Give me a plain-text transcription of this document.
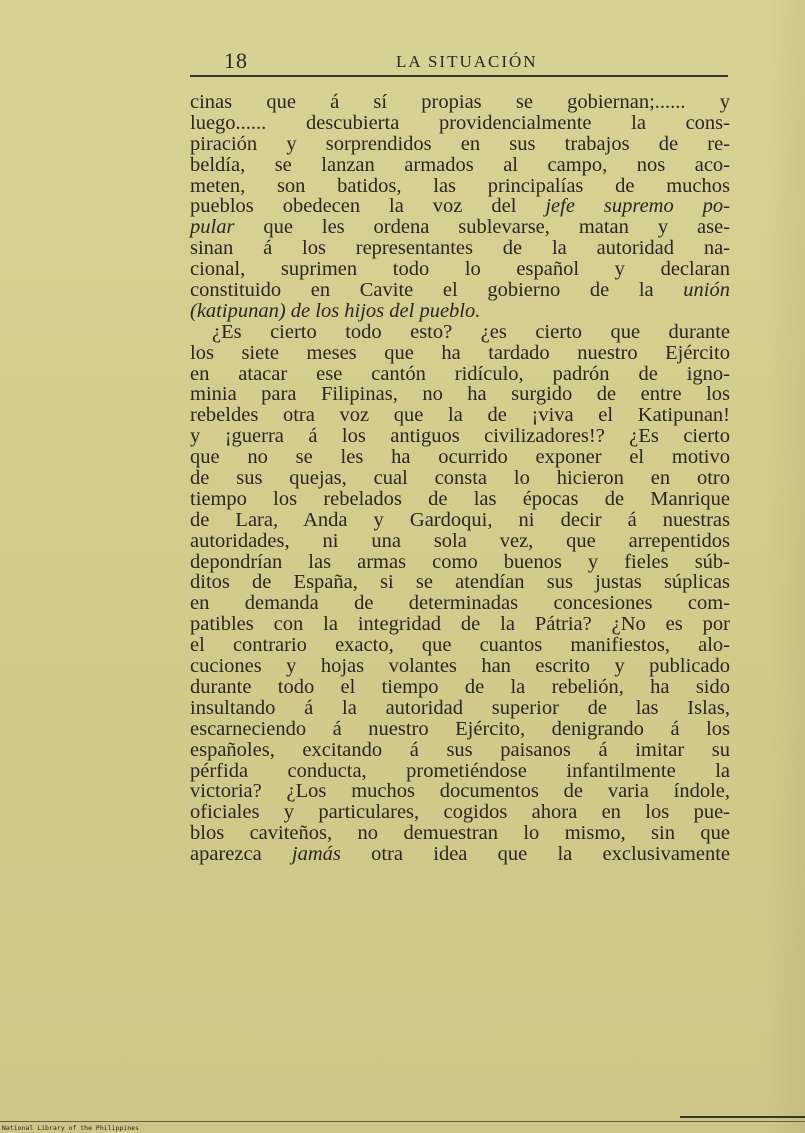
18	LA SITUACIÓN
cinas que á sí propias se gobiernan;...... y
luego...... descubierta providencialmente la cons-
piración y sorprendidos en sus trabajos de re-
beldía, se lanzan armados al campo, nos aco-
meten, son batidos, las principalías de muchos
pueblos obedecen la voz del jefe supremo po-
pular que les ordena sublevarse, matan y ase-
sinan á los representantes de la autoridad na-
cional, suprimen todo lo español y declaran
constituido en Cavite el gobierno de la unión
(katipunan) de los hijos del pueblo.
¿Es cierto todo esto? ¿es cierto que durante
los siete meses que ha tardado nuestro Ejército
en atacar ese cantón ridículo, padrón de igno-
minia para Filipinas, no ha surgido de entre los
rebeldes otra voz que la de ¡viva el Katipunan!
y ¡guerra á los antiguos civilizadores!? ¿Es cierto
que no se les ha ocurrido exponer el motivo
de sus quejas, cual consta lo hicieron en otro
tiempo los rebelados de las épocas de Manrique
de Lara, Anda y Gardoqui, ni decir á nuestras
autoridades, ni una sola vez, que arrepentidos
depondrían las armas como buenos y fieles súb-
ditos de España, si se atendían sus justas súplicas
en demanda de determinadas concesiones com-
patibles con la integridad de la Pátria? ¿No es por
el contrario exacto, que cuantos manifiestos, alo-
cuciones y hojas volantes han escrito y publicado
durante todo el tiempo de la rebelión, ha sido
insultando á la autoridad superior de las Islas,
escarneciendo á nuestro Ejército, denigrando á los
españoles, excitando á sus paisanos á imitar su
pérfida conducta, prometiéndose infantilmente la
victoria? ¿Los muchos documentos de varia índole,
oficiales y particulares, cogidos ahora en los pue-
blos caviteños, no demuestran lo mismo, sin que
aparezca jamás otra idea que la exclusivamente
National Library of the Philippines
